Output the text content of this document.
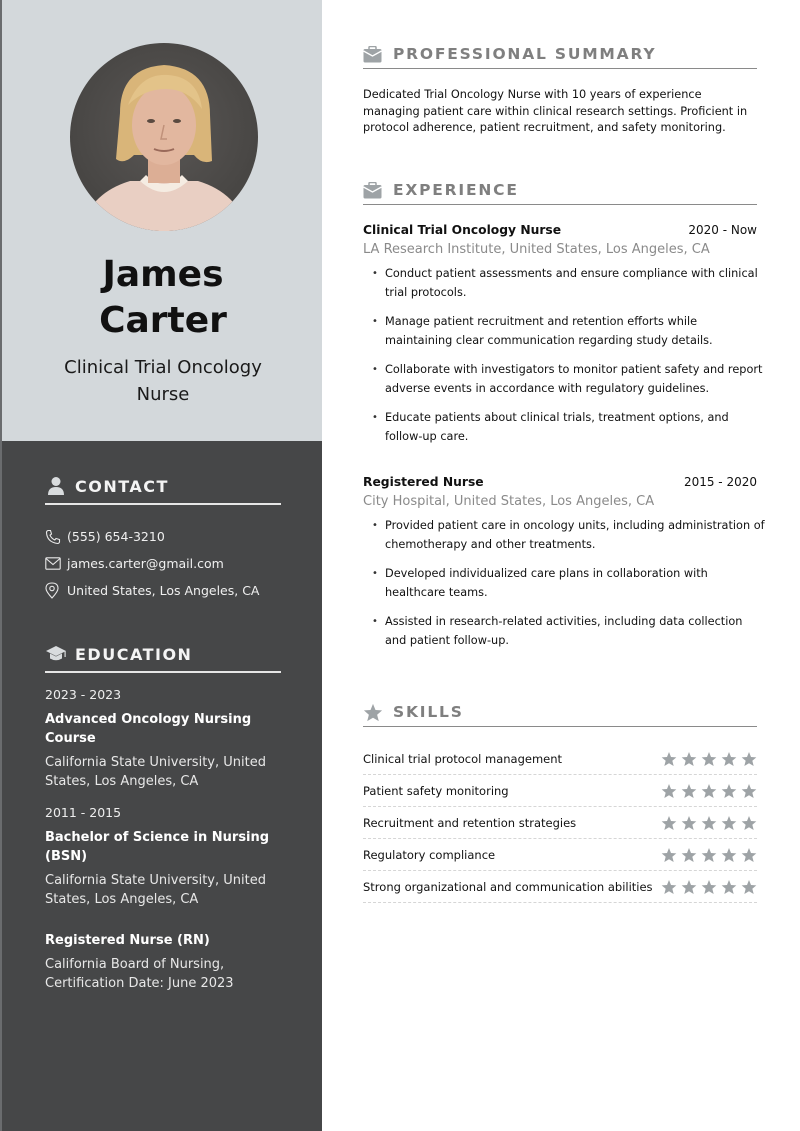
James
Carter
Clinical Trial Oncology Nurse
CONTACT
(555) 654-3210
james.carter@gmail.com
United States, Los Angeles, CA
EDUCATION
2023 - 2023
Advanced Oncology Nursing Course
California State University, United States, Los Angeles, CA
2011 - 2015
Bachelor of Science in Nursing (BSN)
California State University, United States, Los Angeles, CA
Registered Nurse (RN)
California Board of Nursing, Certification Date: June 2023
PROFESSIONAL SUMMARY
Dedicated Trial Oncology Nurse with 10 years of experience managing patient care within clinical research settings. Proficient in protocol adherence, patient recruitment, and safety monitoring.
EXPERIENCE
Clinical Trial Oncology Nurse	2020 - Now
LA Research Institute, United States, Los Angeles, CA
• Conduct patient assessments and ensure compliance with clinical trial protocols.
• Manage patient recruitment and retention efforts while maintaining clear communication regarding study details.
• Collaborate with investigators to monitor patient safety and report adverse events in accordance with regulatory guidelines.
• Educate patients about clinical trials, treatment options, and follow-up care.
Registered Nurse	2015 - 2020
City Hospital, United States, Los Angeles, CA
• Provided patient care in oncology units, including administration of chemotherapy and other treatments.
• Developed individualized care plans in collaboration with healthcare teams.
• Assisted in research-related activities, including data collection and patient follow-up.
SKILLS
Clinical trial protocol management
Patient safety monitoring
Recruitment and retention strategies
Regulatory compliance
Strong organizational and communication abilities
